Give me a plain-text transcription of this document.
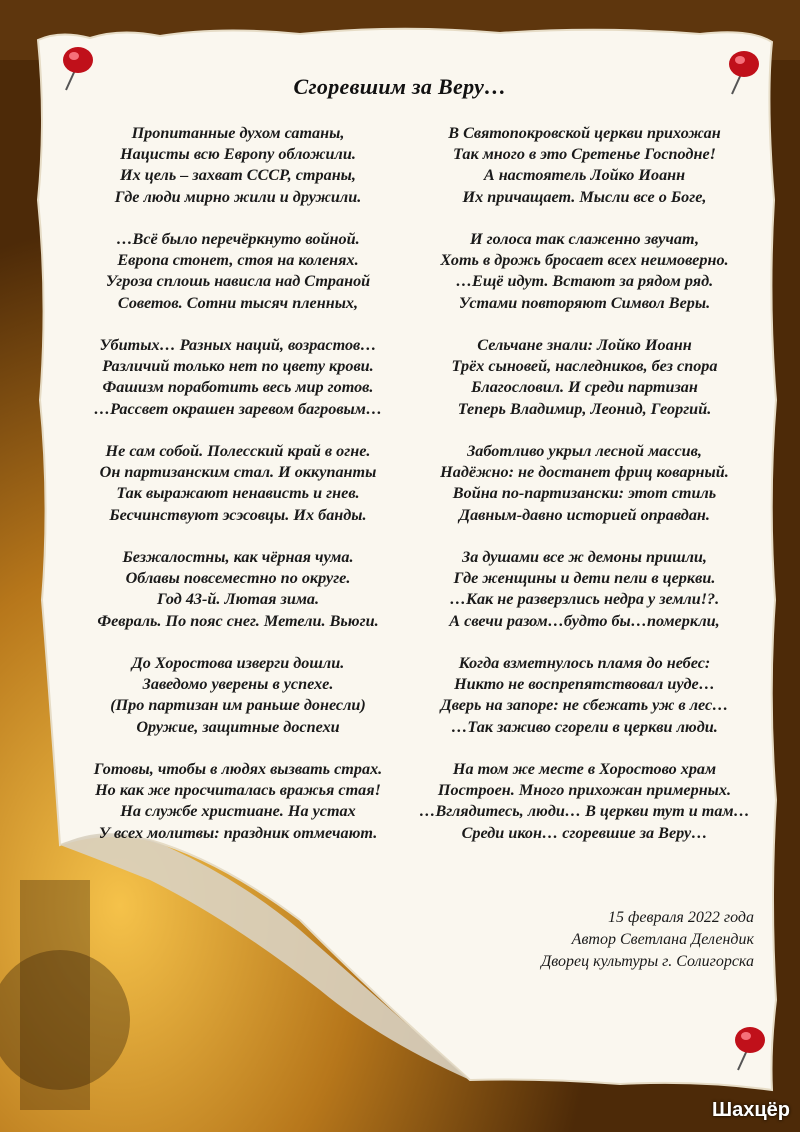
Сгоревшим за Веру…
Пропитанные духом сатаны,
Нацисты всю Европу обложили.
Их цель – захват СССР, страны,
Где люди мирно жили и дружили.
…Всё было перечёркнуто войной.
Европа стонет, стоя на коленях.
Угроза сплошь нависла над Страной
Советов. Сотни тысяч пленных,
Убитых… Разных наций, возрастов…
Различий только нет по цвету крови.
Фашизм поработить весь мир готов.
…Рассвет окрашен заревом багровым…
Не сам собой. Полесский край в огне.
Он партизанским стал. И оккупанты
Так выражают ненависть и гнев.
Бесчинствуют эсэсовцы. Их банды.
Безжалостны, как чёрная чума.
Облавы повсеместно по округе.
Год 43-й. Лютая зима.
Февраль. По пояс снег. Метели. Вьюги.
До Хоростова изверги дошли.
Заведомо уверены в успехе.
(Про партизан им раньше донесли)
Оружие, защитные доспехи
Готовы, чтобы в людях вызвать страх.
Но как же просчиталась вражья стая!
На службе христиане. На устах
У всех молитвы: праздник отмечают.
В Святопокровской церкви прихожан
Так много в это Сретенье Господне!
А настоятель Лойко Иоанн
Их причащает. Мысли все о Боге,
И голоса так слаженно звучат,
Хоть в дрожь бросает всех неимоверно.
…Ещё идут. Встают за рядом ряд.
Устами повторяют Символ Веры.
Сельчане знали: Лойко Иоанн
Трёх сыновей, наследников, без спора
Благословил. И среди партизан
Теперь Владимир, Леонид, Георгий.
Заботливо укрыл лесной массив,
Надёжно: не достанет фриц коварный.
Война по-партизански: этот стиль
Давным-давно историей оправдан.
За душами все ж демоны пришли,
Где женщины и дети пели в церкви.
…Как не разверзлись недра у земли!?.
А свечи разом…будто бы…померкли,
Когда взметнулось пламя до небес:
Никто не воспрепятствовал иуде…
Дверь на запоре: не сбежать уж в лес…
…Так заживо сгорели в церкви люди.
На том же месте в Хоростово храм
Построен. Много прихожан примерных.
…Вглядитесь, люди… В церкви тут и там…
Среди икон… сгоревшие за Веру…
15 февраля 2022 года
Автор Светлана Делендик
Дворец культуры г. Солигорска
Шахцёр
